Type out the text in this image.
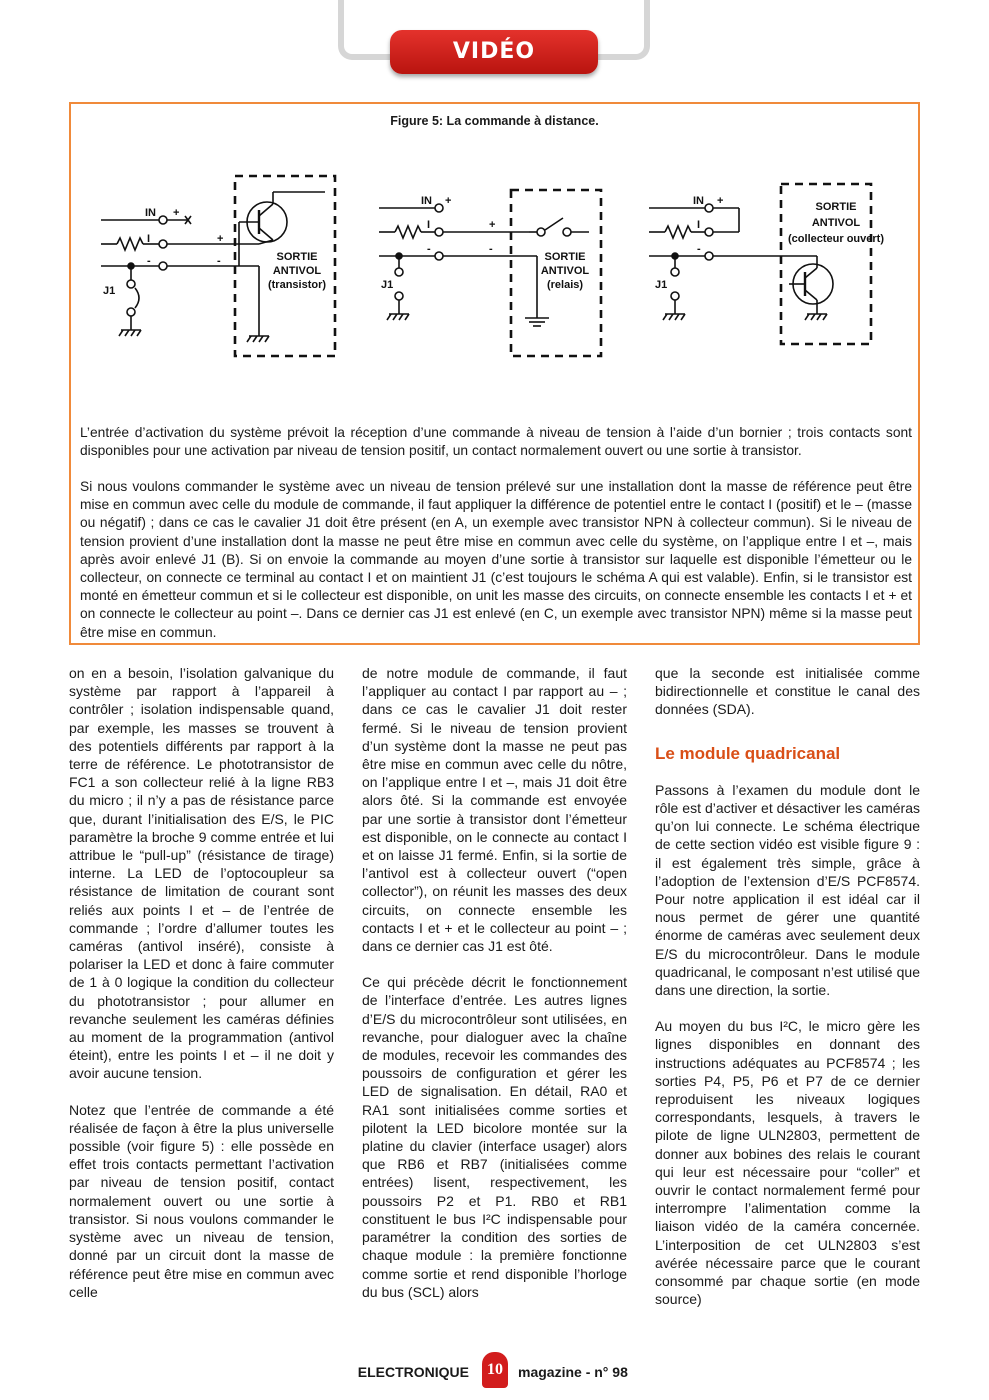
VIDÉO
Figure 5: La commande à distance.
IN +
I
-
+
-
J1
SORTIE
ANTIVOL
(transistor)
IN +
I
-
+
-
J1
SORTIE
ANTIVOL
(relais)
IN +
I
-
J1
SORTIE
ANTIVOL
(collecteur ouvert)

L’entrée d’activation du système prévoit la réception d’une commande à niveau de tension à l’aide d’un bornier ; trois contacts sont disponibles pour une activation par niveau de tension positif, un contact normalement ouvert ou une sortie à transistor.

Si nous voulons commander le système avec un niveau de tension prélevé sur une installation dont la masse de référence peut être mise en commun avec celle du module de commande, il faut appliquer la différence de potentiel entre le contact I (positif) et le – (masse ou négatif) ; dans ce cas le cavalier J1 doit être présent (en A, un exemple avec transistor NPN à collecteur commun). Si le niveau de tension provient d’une installation dont la masse ne peut être mise en commun avec celle du système, on l’applique entre I et –, mais après avoir enlevé J1 (B). Si on envoie la commande au moyen d’une sortie à transistor sur laquelle est disponible l’émetteur ou le collecteur, on connecte ce terminal au contact I et on maintient J1 (c’est toujours le schéma A qui est valable). Enfin, si le transistor est monté en émetteur commun et si le collecteur est disponible, on unit les masse des circuits, on connecte ensemble les contacts I et + et on connecte le collecteur au point –. Dans ce dernier cas J1 est enlevé (en C, un exemple avec transistor NPN) même si la masse peut être mise en commun.

on en a besoin, l’isolation galvanique du système par rapport à l’appareil à contrôler ; isolation indispensable quand, par exemple, les masses se trouvent à des potentiels différents par rapport à la terre de référence. Le phototransistor de FC1 a son collecteur relié à la ligne RB3 du micro ; il n’y a pas de résistance parce que, durant l’initialisation des E/S, le PIC paramètre la broche 9 comme entrée et lui attribue le “pull-up” (résistance de tirage) interne. La LED de l’optocoupleur sa résistance de limitation de courant sont reliés aux points I et – de l’entrée de commande ; l’ordre d’allumer toutes les caméras (antivol inséré), consiste à polariser la LED et donc à faire commuter de 1 à 0 logique la condition du collecteur du phototransistor ; pour allumer en revanche seulement les caméras définies au moment de la programmation (antivol éteint), entre les points I et – il ne doit y avoir aucune tension.

Notez que l’entrée de commande a été réalisée de façon à être la plus universelle possible (voir figure 5) : elle possède en effet trois contacts permettant l’activation par niveau de tension positif, contact normalement ouvert ou une sortie à transistor. Si nous voulons commander le système avec un niveau de tension, donné par un circuit dont la masse de référence peut être mise en commun avec celle

de notre module de commande, il faut l’appliquer au contact I par rapport au – ; dans ce cas le cavalier J1 doit rester fermé. Si le niveau de tension provient d’un système dont la masse ne peut pas être mise en commun avec celle du nôtre, on l’applique entre I et –, mais J1 doit être alors ôté. Si la commande est envoyée par une sortie à transistor dont l’émetteur est disponible, on le connecte au contact I et on laisse J1 fermé. Enfin, si la sortie de l’antivol est à collecteur ouvert (“open collector”), on réunit les masses des deux circuits, on connecte ensemble les contacts I et + et le collecteur au point – ; dans ce dernier cas J1 est ôté.

Ce qui précède décrit le fonctionnement de l’interface d’entrée. Les autres lignes d’E/S du microcontrôleur sont utilisées, en revanche, pour dialoguer avec la chaîne de modules, recevoir les commandes des poussoirs de configuration et gérer les LED de signalisation. En détail, RA0 et RA1 sont initialisées comme sorties et pilotent la LED bicolore montée sur la platine du clavier (interface usager) alors que RB6 et RB7 (initialisées comme entrées) lisent, respectivement, les poussoirs P2 et P1. RB0 et RB1 constituent le bus I²C indispensable pour paramétrer la condition des sorties de chaque module : la première fonctionne comme sortie et rend disponible l’horloge du bus (SCL) alors

que la seconde est initialisée comme bidirectionnelle et constitue le canal des données (SDA).

Le module quadricanal

Passons à l’examen du module dont le rôle est d’activer et désactiver les caméras qu’on lui connecte. Le schéma électrique de cette section vidéo est visible figure 9 : il est également très simple, grâce à l’adoption de l’extension d’E/S PCF8574. Pour notre application il est idéal car il nous permet de gérer une quantité énorme de caméras avec seulement deux E/S du microcontrôleur. Dans le module quadricanal, le composant n’est utilisé que dans une direction, la sortie.

Au moyen du bus I²C, le micro gère les lignes disponibles en donnant des instructions adéquates au PCF8574 ; les sorties P4, P5, P6 et P7 de ce dernier reproduisent les niveaux logiques correspondants, lesquels, à travers le pilote de ligne ULN2803, permettent de donner aux bobines des relais le courant qui leur est nécessaire pour “coller” et ouvrir le contact normalement fermé pour interrompre l’alimentation comme la liaison vidéo de la caméra concernée. L’interposition de cet ULN2803 s’est avérée nécessaire parce que le courant consommé par chaque sortie (en mode source)

ELECTRONIQUE	10	magazine - n° 98
